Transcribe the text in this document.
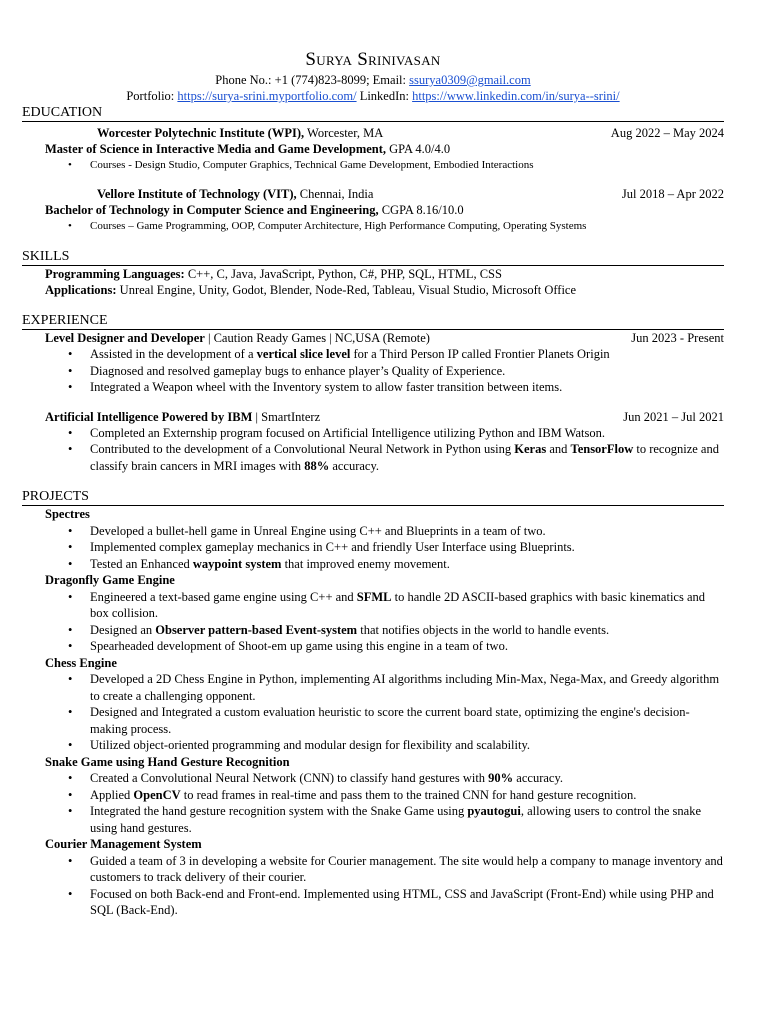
Surya Srinivasan
Phone No.: +1 (774)823-8099; Email: ssurya0309@gmail.com
Portfolio: https://surya-srini.myportfolio.com/ LinkedIn: https://www.linkedin.com/in/surya--srini/
EDUCATION
Worcester Polytechnic Institute (WPI), Worcester, MA	Aug 2022 – May 2024
Master of Science in Interactive Media and Game Development, GPA 4.0/4.0
• Courses - Design Studio, Computer Graphics, Technical Game Development, Embodied Interactions
Vellore Institute of Technology (VIT), Chennai, India	Jul 2018 – Apr 2022
Bachelor of Technology in Computer Science and Engineering, CGPA 8.16/10.0
• Courses – Game Programming, OOP, Computer Architecture, High Performance Computing, Operating Systems
SKILLS
Programming Languages: C++, C, Java, JavaScript, Python, C#, PHP, SQL, HTML, CSS
Applications: Unreal Engine, Unity, Godot, Blender, Node-Red, Tableau, Visual Studio, Microsoft Office
EXPERIENCE
Level Designer and Developer | Caution Ready Games | NC,USA (Remote)	Jun 2023 - Present
• Assisted in the development of a vertical slice level for a Third Person IP called Frontier Planets Origin
• Diagnosed and resolved gameplay bugs to enhance player’s Quality of Experience.
• Integrated a Weapon wheel with the Inventory system to allow faster transition between items.
Artificial Intelligence Powered by IBM | SmartInterz	Jun 2021 – Jul 2021
• Completed an Externship program focused on Artificial Intelligence utilizing Python and IBM Watson.
• Contributed to the development of a Convolutional Neural Network in Python using Keras and TensorFlow to recognize and classify brain cancers in MRI images with 88% accuracy.
PROJECTS
Spectres
• Developed a bullet-hell game in Unreal Engine using C++ and Blueprints in a team of two.
• Implemented complex gameplay mechanics in C++ and friendly User Interface using Blueprints.
• Tested an Enhanced waypoint system that improved enemy movement.
Dragonfly Game Engine
• Engineered a text-based game engine using C++ and SFML to handle 2D ASCII-based graphics with basic kinematics and box collision.
• Designed an Observer pattern-based Event-system that notifies objects in the world to handle events.
• Spearheaded development of Shoot-em up game using this engine in a team of two.
Chess Engine
• Developed a 2D Chess Engine in Python, implementing AI algorithms including Min-Max, Nega-Max, and Greedy algorithm to create a challenging opponent.
• Designed and Integrated a custom evaluation heuristic to score the current board state, optimizing the engine's decision-making process.
• Utilized object-oriented programming and modular design for flexibility and scalability.
Snake Game using Hand Gesture Recognition
• Created a Convolutional Neural Network (CNN) to classify hand gestures with 90% accuracy.
• Applied OpenCV to read frames in real-time and pass them to the trained CNN for hand gesture recognition.
• Integrated the hand gesture recognition system with the Snake Game using pyautogui, allowing users to control the snake using hand gestures.
Courier Management System
• Guided a team of 3 in developing a website for Courier management. The site would help a company to manage inventory and customers to track delivery of their courier.
• Focused on both Back-end and Front-end. Implemented using HTML, CSS and JavaScript (Front-End) while using PHP and SQL (Back-End).
